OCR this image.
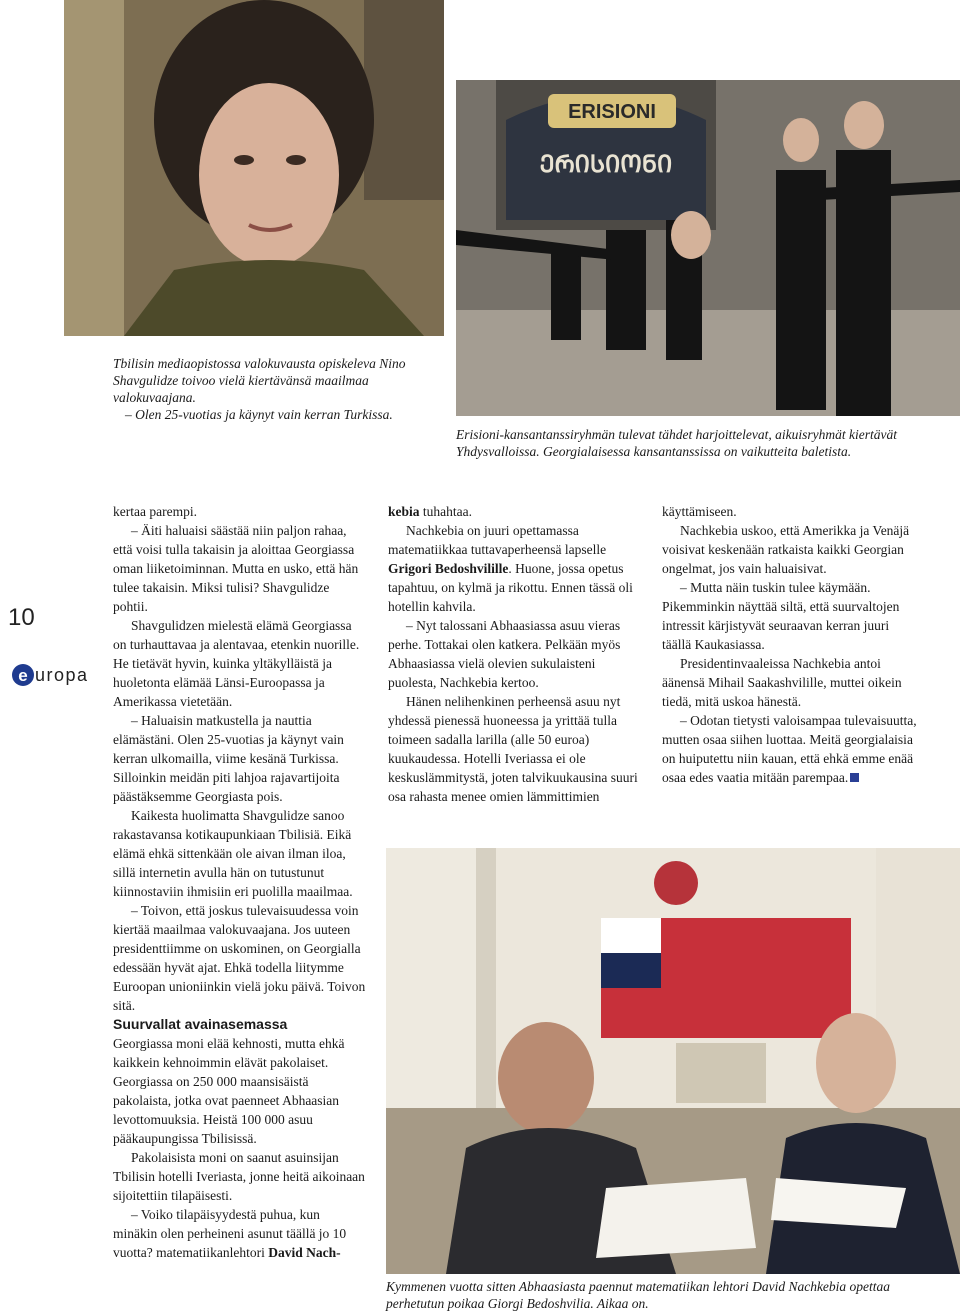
ERISIONI
ᲔᲠᲘᲡᲘᲝᲜᲘ

Tbilisin mediaopistossa valokuvausta opiskeleva Nino Shavgulidze toivoo vielä kiertävänsä maailmaa valokuvaajana.

– Olen 25-vuotias ja käynyt vain kerran Turkissa.

Erisioni-kansantanssiryhmän tulevat tähdet harjoittelevat, aikuisryhmät kiertävät Yhdysvalloissa. Georgialaisessa kansantanssissa on vaikutteita baletista.

Kymmenen vuotta sitten Abhaasiasta paennut matematiikan lehtori David Nachkebia opettaa perhetutun poikaa Giorgi Bedoshvilia. Aikaa on.

10
e uropa

kertaa parempi.

– Äiti haluaisi säästää niin paljon rahaa, että voisi tulla takaisin ja aloittaa Georgiassa oman liiketoiminnan. Mutta en usko, että hän tulee takaisin. Miksi tulisi? Shavgulidze pohtii.

Shavgulidzen mielestä elämä Georgiassa on turhauttavaa ja alentavaa, etenkin nuorille. He tietävät hyvin, kuinka yltäkylläistä ja huoletonta elämää Länsi-Euroopassa ja Amerikassa vietetään.

– Haluaisin matkustella ja nauttia elämästäni. Olen 25-vuotias ja käynyt vain kerran ulkomailla, viime kesänä Turkissa. Silloinkin meidän piti lahjoa rajavartijoita päästäksemme Georgiasta pois.

Kaikesta huolimatta Shavgulidze sanoo rakastavansa kotikaupunkiaan Tbilisiä. Eikä elämä ehkä sittenkään ole aivan ilman iloa, sillä internetin avulla hän on tutustunut kiinnostaviin ihmisiin eri puolilla maailmaa.

– Toivon, että joskus tulevaisuudessa voin kiertää maailmaa valokuvaajana. Jos uuteen presidenttiimme on uskominen, on Georgialla edessään hyvät ajat. Ehkä todella liitymme Euroopan unioniinkin vielä joku päivä. Toivon sitä.

Suurvallat avainasemassa

Georgiassa moni elää kehnosti, mutta ehkä kaikkein kehnoimmin elävät pakolaiset. Georgiassa on 250 000 maansisäistä pakolaista, jotka ovat paenneet Abhaasian levottomuuksia. Heistä 100 000 asuu pääkaupungissa Tbilisissä.

Pakolaisista moni on saanut asuinsijan Tbilisin hotelli Iveriasta, jonne heitä aikoinaan sijoitettiin tilapäisesti.

– Voiko tilapäisyydestä puhua, kun minäkin olen perheineni asunut täällä jo 10 vuotta? matematiikanlehtori David Nach-

kebia tuhahtaa.

Nachkebia on juuri opettamassa matematiikkaa tuttavaperheensä lapselle Grigori Bedoshvilille. Huone, jossa opetus tapahtuu, on kylmä ja rikottu. Ennen tässä oli hotellin kahvila.

– Nyt talossani Abhaasiassa asuu vieras perhe. Tottakai olen katkera. Pelkään myös Abhaasiassa vielä olevien sukulaisteni puolesta, Nachkebia kertoo.

Hänen nelihenkinen perheensä asuu nyt yhdessä pienessä huoneessa ja yrittää tulla toimeen sadalla larilla (alle 50 euroa) kuukaudessa. Hotelli Iveriassa ei ole keskuslämmitystä, joten talvikuukausina suuri osa rahasta menee omien lämmittimien

käyttämiseen.

Nachkebia uskoo, että Amerikka ja Venäjä voisivat keskenään ratkaista kaikki Georgian ongelmat, jos vain haluaisivat.

– Mutta näin tuskin tulee käymään. Pikemminkin näyttää siltä, että suurvaltojen intressit kärjistyvät seuraavan kerran juuri täällä Kaukasiassa.

Presidentinvaaleissa Nachkebia antoi äänensä Mihail Saakashvilille, muttei oikein tiedä, mitä uskoa hänestä.

– Odotan tietysti valoisampaa tulevaisuutta, mutten osaa siihen luottaa. Meitä georgialaisia on huiputettu niin kauan, että ehkä emme enää osaa edes vaatia mitään parempaa.
